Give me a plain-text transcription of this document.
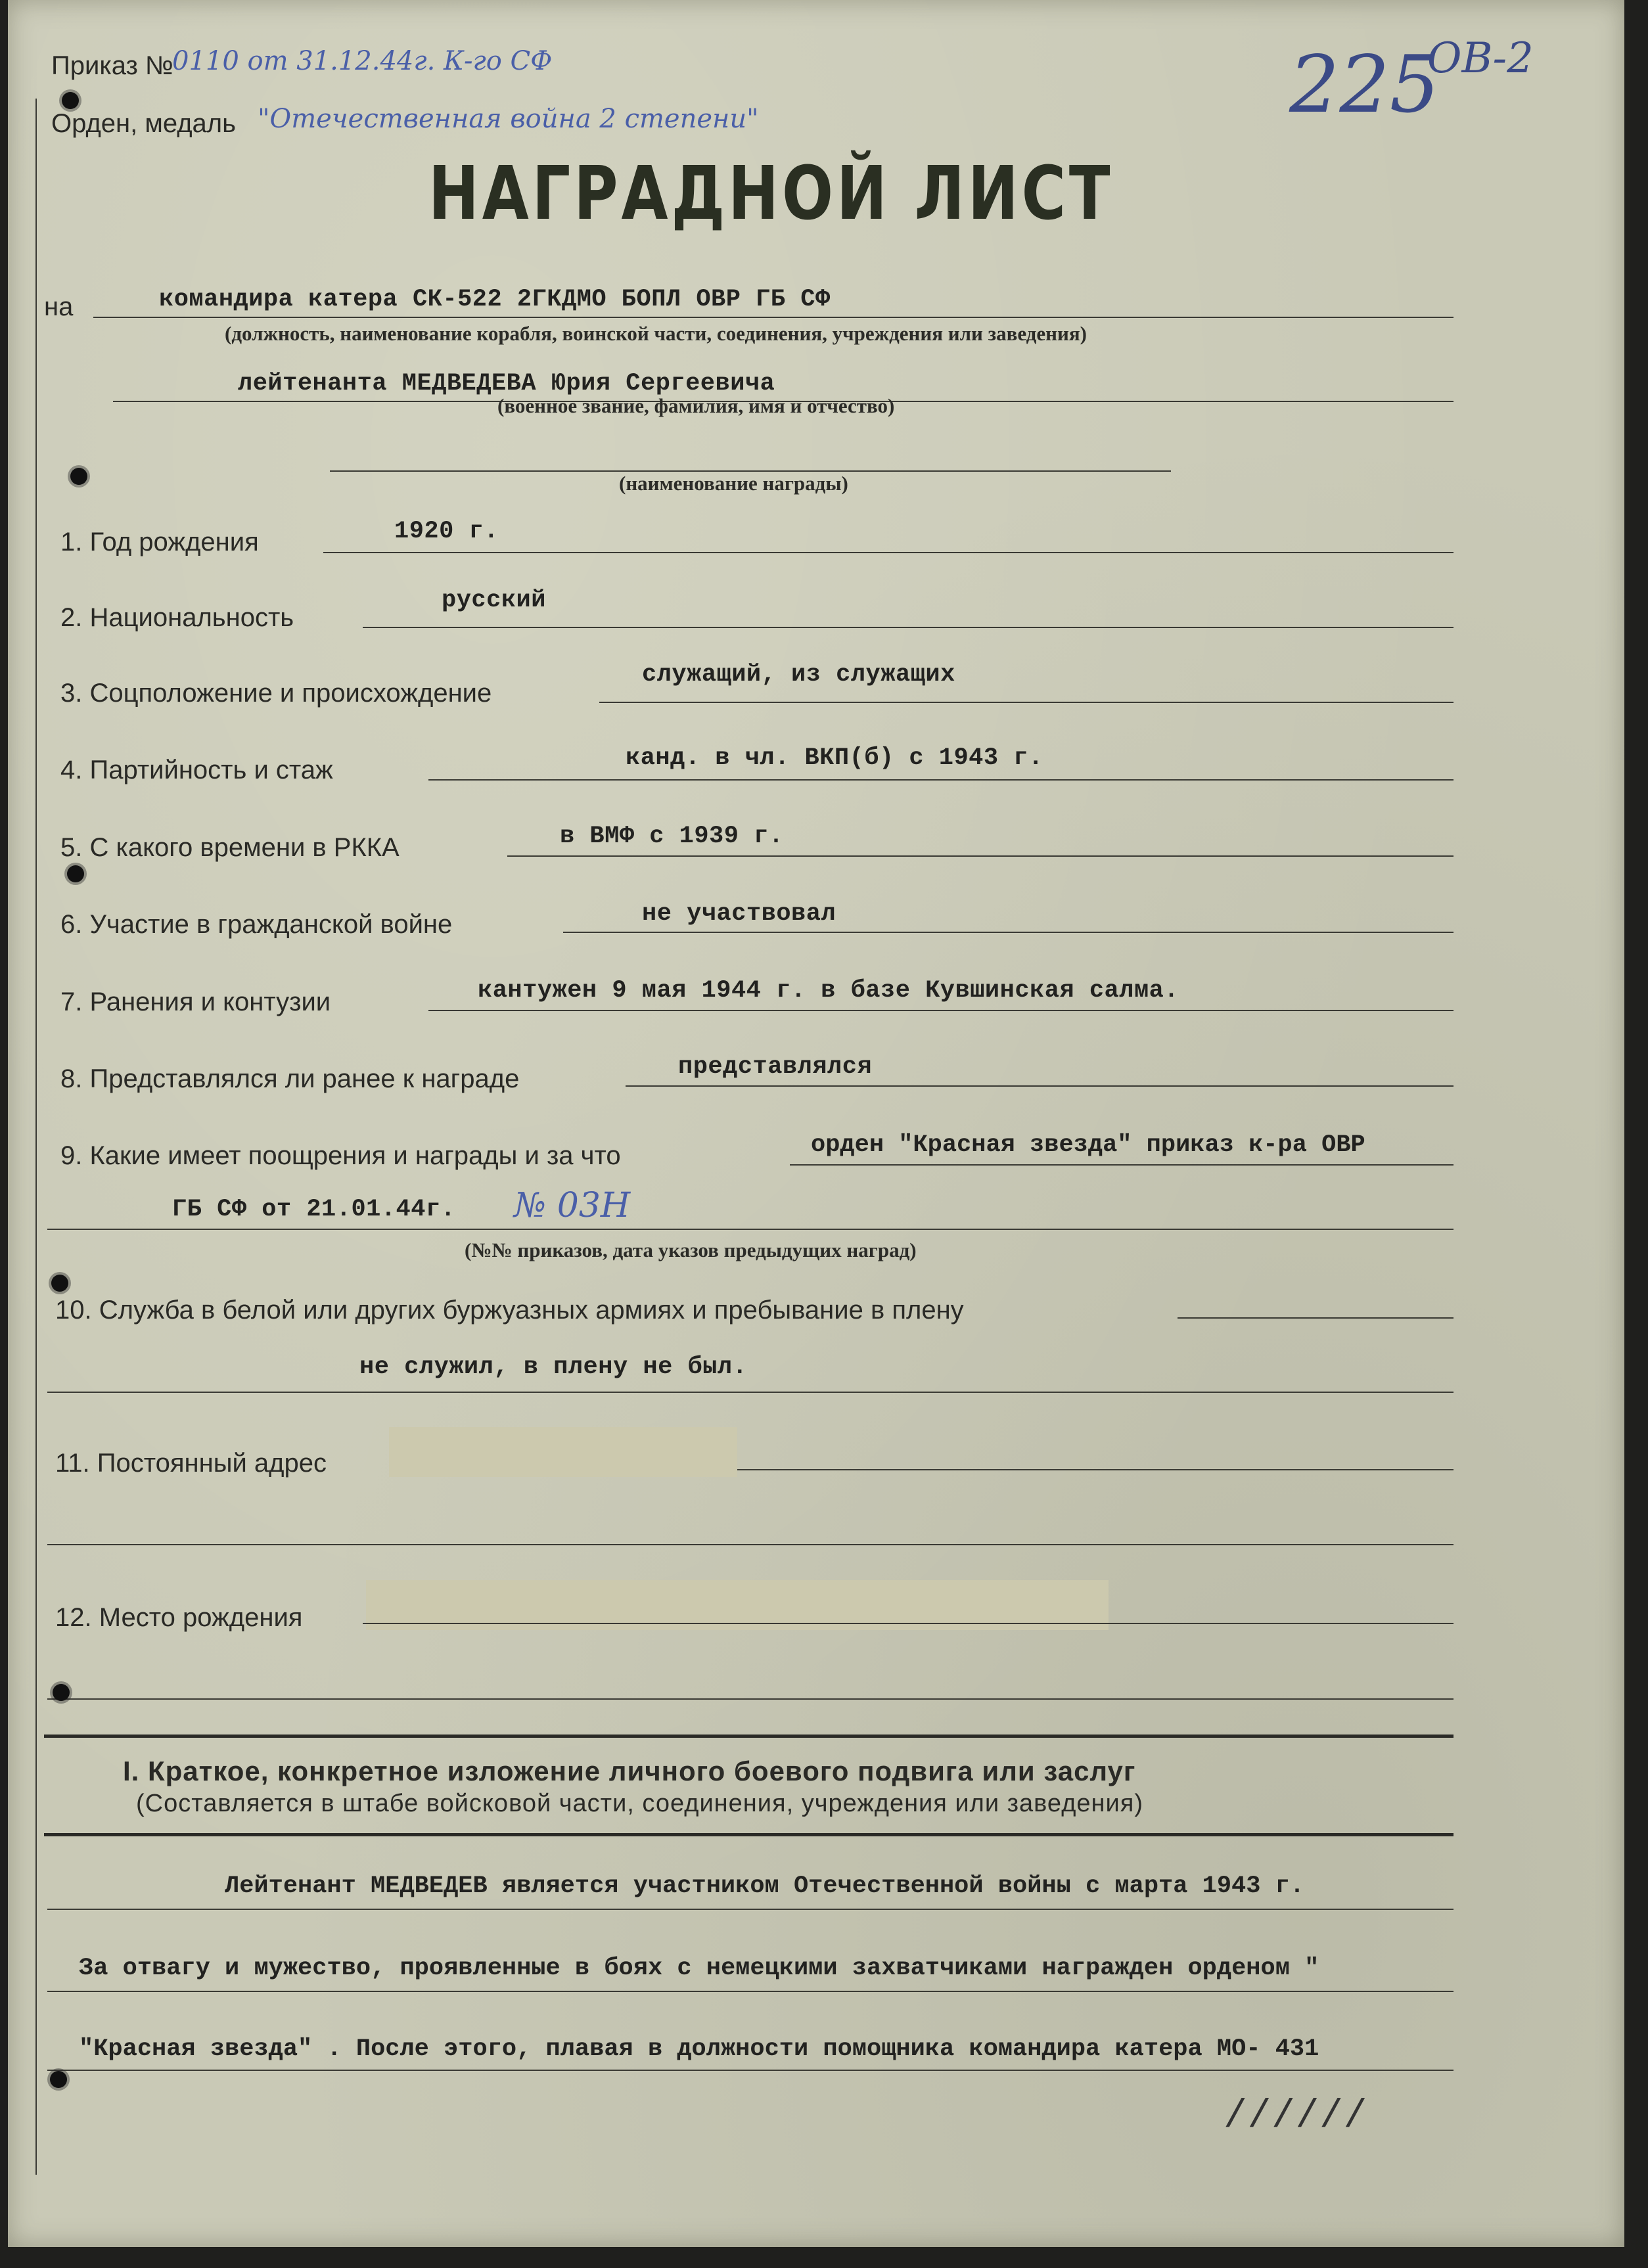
Приказ №
0110 от 31.12.44г. К-го СФ
Орден, медаль "Отечественная война 2 степени"	225
ОВ-2
НАГРАДНОЙ ЛИСТ
на	командира катера СК-522 2ГКДМО БОПЛ ОВР ГБ СФ
(должность, наименование корабля, воинской части, соединения, учреждения или заведения)
лейтенанта МЕДВЕДЕВА Юрия Сергеевича
(военное звание, фамилия, имя и отчество)
(наименование награды)
1. Год рождения	1920 г.
2. Национальность
русский
3. Соцположение и происхождение
служащий, из служащих
4. Партийность и стаж	канд. в чл. ВКП(б) с 1943 г.
5. С какого времени в РККА	в ВМФ с 1939 г.
6. Участие в гражданской войне	не участвовал
7. Ранения и контузии	кантужен 9 мая 1944 г. в базе Кувшинская салма.
8. Представлялся ли ранее к награде	представлялся
9. Какие имеет поощрения и награды и за что	орден "Красная звезда" приказ к-ра ОВР
ГБ СФ от 21.01.44г. № 03Н
(№№ приказов, дата указов предыдущих наград)
10. Служба в белой или других буржуазных армиях и пребывание в плену
не служил, в плену не был.
11. Постоянный адрес
12. Место рождения
I. Краткое, конкретное изложение личного боевого подвига или заслуг
(Составляется в штабе войсковой части, соединения, учреждения или заведения)
Лейтенант МЕДВЕДЕВ является участником Отечественной войны с марта 1943 г.
За отвагу и мужество, проявленные в боях с немецкими захватчиками награжден орденом "
"Красная звезда" . После этого, плавая в должности помощника командира катера МО- 431
//////
